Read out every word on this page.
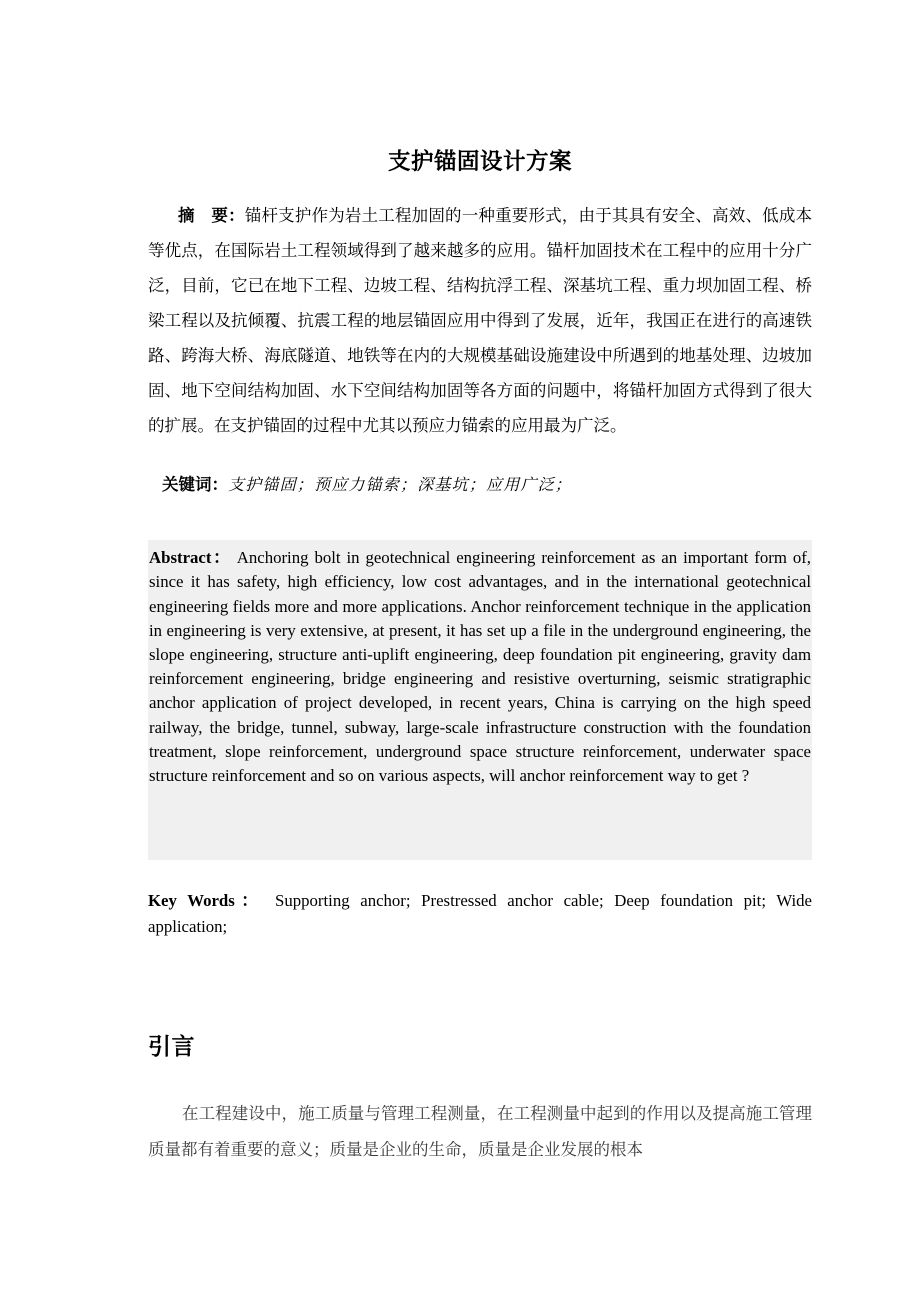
支护锚固设计方案

摘　要：锚杆支护作为岩土工程加固的一种重要形式，由于其具有安全、高效、低成本等优点，在国际岩土工程领域得到了越来越多的应用。锚杆加固技术在工程中的应用十分广泛，目前，它已在地下工程、边坡工程、结构抗浮工程、深基坑工程、重力坝加固工程、桥梁工程以及抗倾覆、抗震工程的地层锚固应用中得到了发展，近年，我国正在进行的高速铁路、跨海大桥、海底隧道、地铁等在内的大规模基础设施建设中所遇到的地基处理、边坡加固、地下空间结构加固、水下空间结构加固等各方面的问题中，将锚杆加固方式得到了很大的扩展。在支护锚固的过程中尤其以预应力锚索的应用最为广泛。

关键词：支护锚固；预应力锚索；深基坑；应用广泛；

Abstract： Anchoring bolt in geotechnical engineering reinforcement as an important form of, since it has safety, high efficiency, low cost advantages, and in the international geotechnical engineering fields more and more applications. Anchor reinforcement technique in the application in engineering is very extensive, at present, it has set up a file in the underground engineering, the slope engineering, structure anti-uplift engineering, deep foundation pit engineering, gravity dam reinforcement engineering, bridge engineering and resistive overturning, seismic stratigraphic anchor application of project developed, in recent years, China is carrying on the high speed railway, the bridge, tunnel, subway, large-scale infrastructure construction with the foundation treatment, slope reinforcement, underground space structure reinforcement, underwater space structure reinforcement and so on various aspects, will anchor reinforcement way to get ?

Key Words： Supporting anchor; Prestressed anchor cable; Deep foundation pit; Wide application;

引言

在工程建设中，施工质量与管理工程测量，在工程测量中起到的作用以及提高施工管理质量都有着重要的意义；质量是企业的生命，质量是企业发展的根本
